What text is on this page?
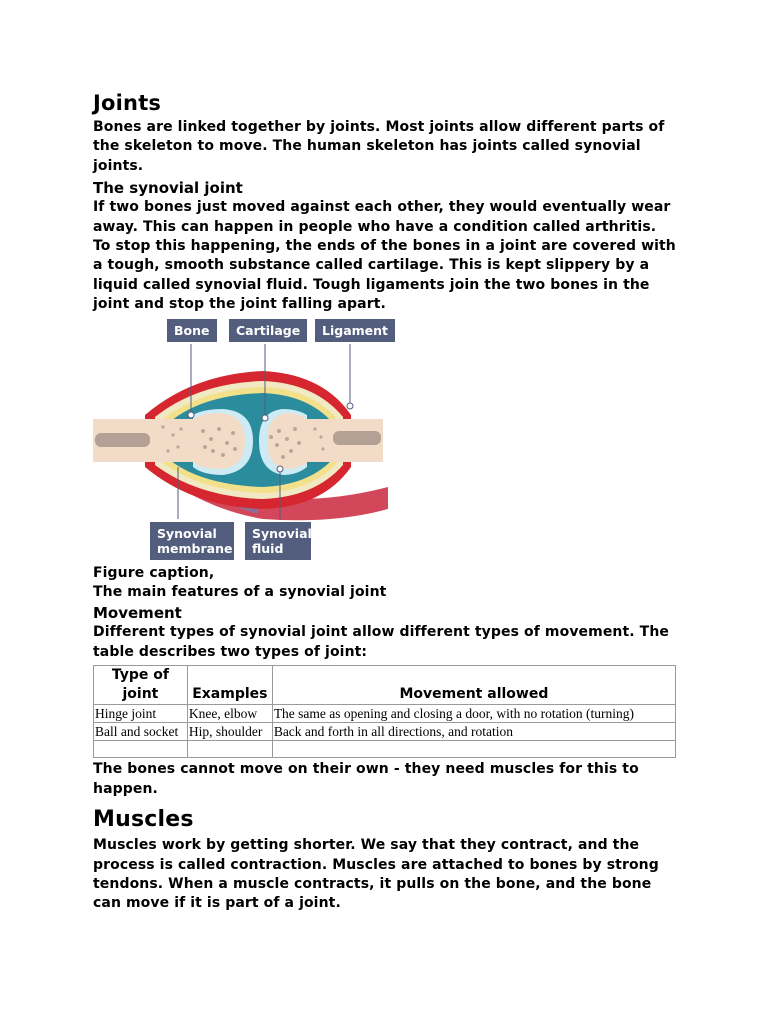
Joints

Bones are linked together by joints. Most joints allow different parts of the skeleton to move. The human skeleton has joints called synovial joints.

The synovial joint

If two bones just moved against each other, they would eventually wear away. This can happen in people who have a condition called arthritis. To stop this happening, the ends of the bones in a joint are covered with a tough, smooth substance called cartilage. This is kept slippery by a liquid called synovial fluid. Tough ligaments join the two bones in the joint and stop the joint falling apart.

Bone	Cartilage	Ligament
Synovial membrane
Synovial fluid

Figure caption,

The main features of a synovial joint

Movement

Different types of synovial joint allow different types of movement. The table describes two types of joint:

Type of joint	Examples	Movement allowed
Hinge joint	Knee, elbow	The same as opening and closing a door, with no rotation (turning)
Ball and socket	Hip, shoulder	Back and forth in all directions, and rotation

The bones cannot move on their own - they need muscles for this to happen.

Muscles

Muscles work by getting shorter. We say that they contract, and the process is called contraction. Muscles are attached to bones by strong tendons. When a muscle contracts, it pulls on the bone, and the bone can move if it is part of a joint.
